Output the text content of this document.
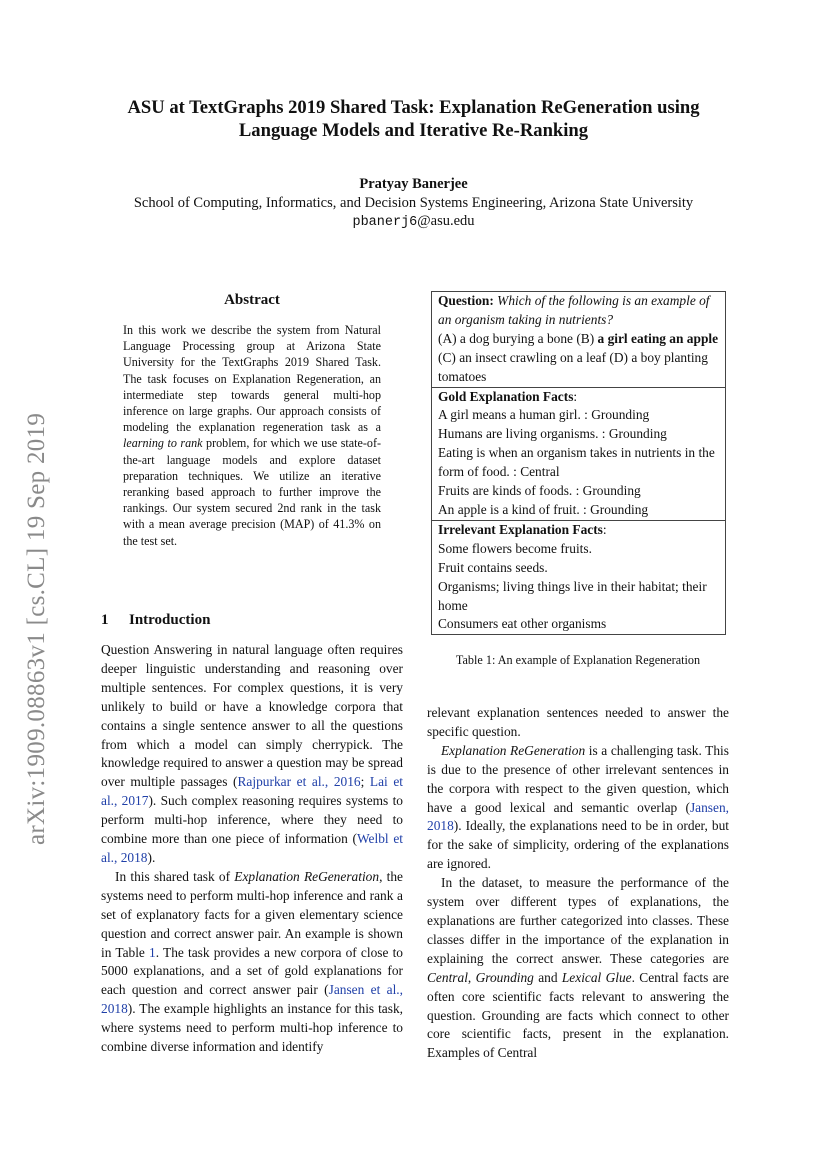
ASU at TextGraphs 2019 Shared Task: Explanation ReGeneration using
Language Models and Iterative Re-Ranking
Pratyay Banerjee
School of Computing, Informatics, and Decision Systems Engineering, Arizona State University
pbanerj6@asu.edu
arXiv:1909.08863v1 [cs.CL] 19 Sep 2019
Abstract

In this work we describe the system from Natural Language Processing group at Arizona State University for the TextGraphs 2019 Shared Task. The task focuses on Explanation Regeneration, an intermediate step towards general multi-hop inference on large graphs. Our approach consists of modeling the explanation regeneration task as a learning to rank problem, for which we use state-of-the-art language models and explore dataset preparation techniques. We utilize an iterative reranking based approach to further improve the rankings. Our system secured 2nd rank in the task with a mean average precision (MAP) of 41.3% on the test set.

1 Introduction

Question Answering in natural language often requires deeper linguistic understanding and reasoning over multiple sentences. For complex questions, it is very unlikely to build or have a knowledge corpora that contains a single sentence answer to all the questions from which a model can simply cherrypick. The knowledge required to answer a question may be spread over multiple passages (Rajpurkar et al., 2016; Lai et al., 2017). Such complex reasoning requires systems to perform multi-hop inference, where they need to combine more than one piece of information (Welbl et al., 2018).

In this shared task of Explanation ReGeneration, the systems need to perform multi-hop inference and rank a set of explanatory facts for a given elementary science question and correct answer pair. An example is shown in Table 1. The task provides a new corpora of close to 5000 explanations, and a set of gold explanations for each question and correct answer pair (Jansen et al., 2018). The example highlights an instance for this task, where systems need to perform multi-hop inference to combine diverse information and identify

Question: Which of the following is an example of an organism taking in nutrients?
(A) a dog burying a bone (B) a girl eating an apple (C) an insect crawling on a leaf (D) a boy planting tomatoes
Gold Explanation Facts:
A girl means a human girl. : Grounding
Humans are living organisms. : Grounding
Eating is when an organism takes in nutrients in the form of food. : Central
Fruits are kinds of foods. : Grounding
An apple is a kind of fruit. : Grounding
Irrelevant Explanation Facts:
Some flowers become fruits.
Fruit contains seeds.
Organisms; living things live in their habitat; their home
Consumers eat other organisms
Table 1: An example of Explanation Regeneration

relevant explanation sentences needed to answer the specific question.

Explanation ReGeneration is a challenging task. This is due to the presence of other irrelevant sentences in the corpora with respect to the given question, which have a good lexical and semantic overlap (Jansen, 2018). Ideally, the explanations need to be in order, but for the sake of simplicity, ordering of the explanations are ignored.

In the dataset, to measure the performance of the system over different types of explanations, the explanations are further categorized into classes. These classes differ in the importance of the explanation in explaining the correct answer. These categories are Central, Grounding and Lexical Glue. Central facts are often core scientific facts relevant to answering the question. Grounding are facts which connect to other core scientific facts, present in the explanation. Examples of Central
